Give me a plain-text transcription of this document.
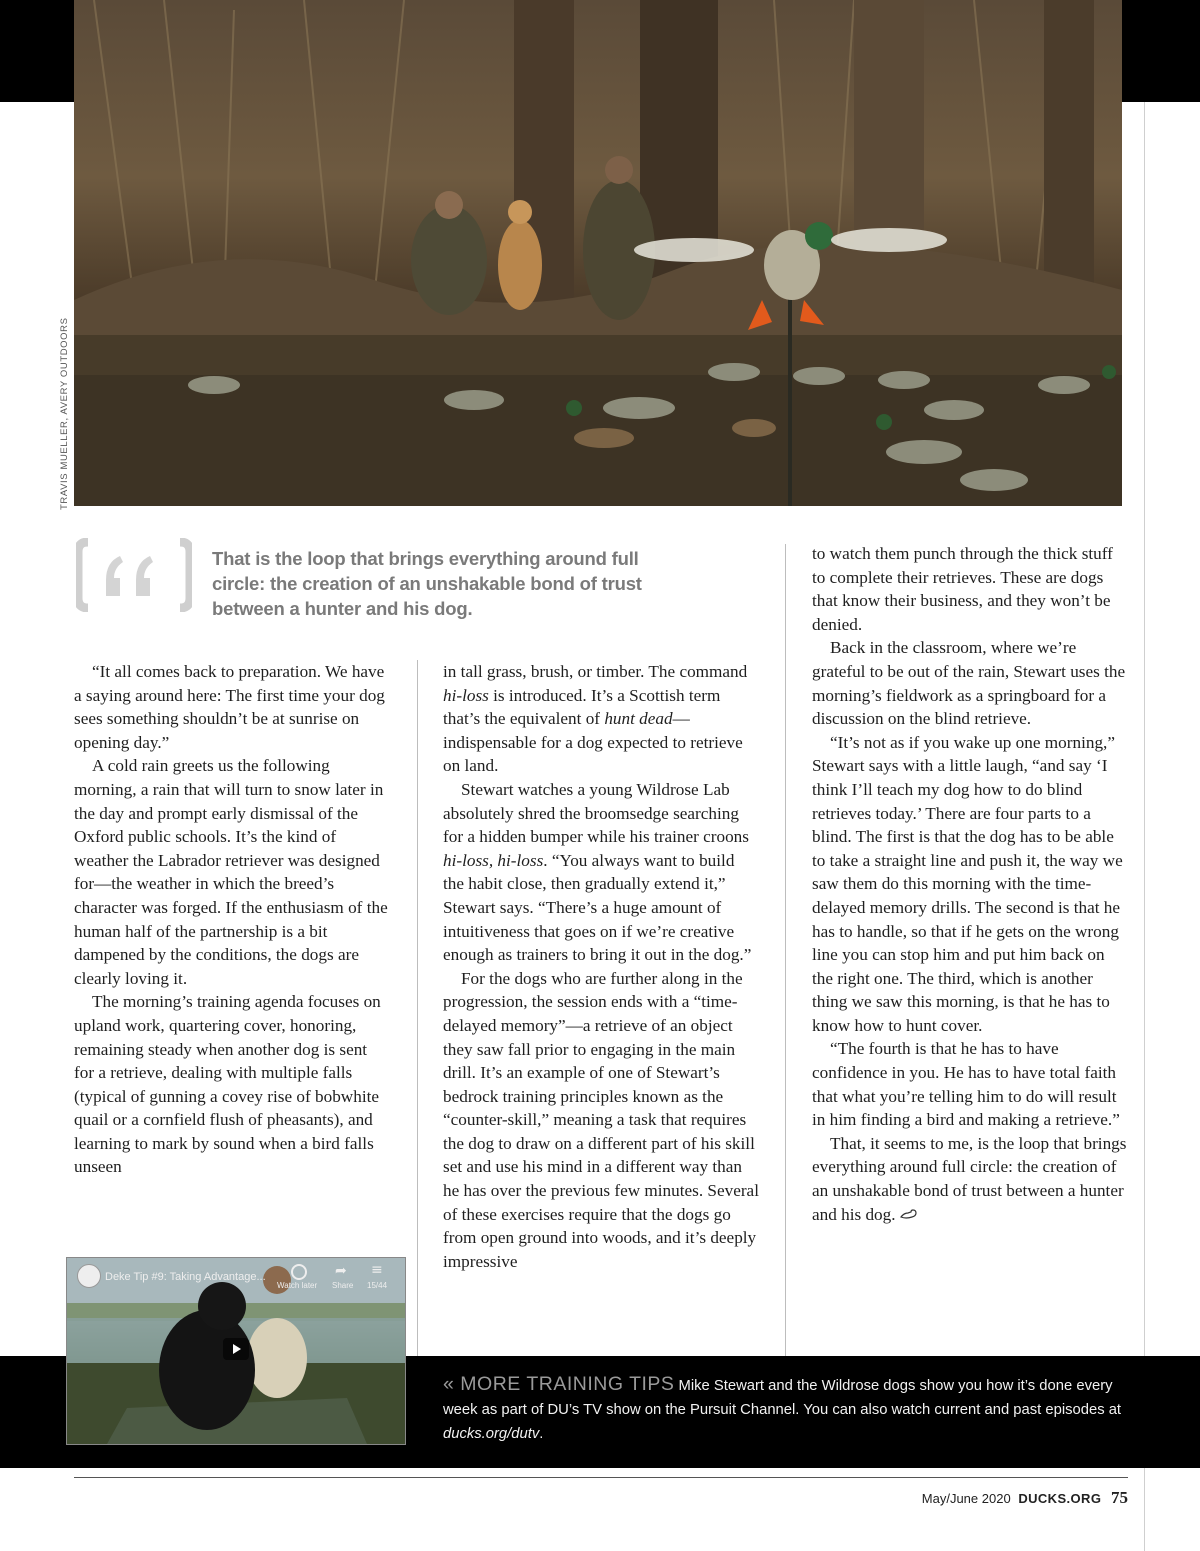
TRAVIS MUELLER, AVERY OUTDOORS
That is the loop that brings everything around full circle: the creation of an unshakable bond of trust between a hunter and his dog.

“It all comes back to preparation. We have a saying around here: The first time your dog sees something shouldn’t be at sunrise on opening day.”

A cold rain greets us the following morning, a rain that will turn to snow later in the day and prompt early dismissal of the Oxford public schools. It’s the kind of weather the Labrador retriever was designed for—the weather in which the breed’s character was forged. If the enthusiasm of the human half of the partnership is a bit dampened by the conditions, the dogs are clearly loving it.

The morning’s training agenda focuses on upland work, quartering cover, honoring, remaining steady when another dog is sent for a retrieve, dealing with multiple falls (typical of gunning a covey rise of bobwhite quail or a cornfield flush of pheasants), and learning to mark by sound when a bird falls unseen

in tall grass, brush, or timber. The command hi-loss is introduced. It’s a Scottish term that’s the equivalent of hunt dead—indispensable for a dog expected to retrieve on land.

Stewart watches a young Wildrose Lab absolutely shred the broomsedge searching for a hidden bumper while his trainer croons hi-loss, hi-loss. “You always want to build the habit close, then gradually extend it,” Stewart says. “There’s a huge amount of intuitiveness that goes on if we’re creative enough as trainers to bring it out in the dog.”

For the dogs who are further along in the progression, the session ends with a “time-delayed memory”—a retrieve of an object they saw fall prior to engaging in the main drill. It’s an example of one of Stewart’s bedrock training principles known as the “counter-skill,” meaning a task that requires the dog to draw on a different part of his skill set and use his mind in a different way than he has over the previous few minutes. Several of these exercises require that the dogs go from open ground into woods, and it’s deeply impressive

to watch them punch through the thick stuff to complete their retrieves. These are dogs that know their business, and they won’t be denied.

Back in the classroom, where we’re grateful to be out of the rain, Stewart uses the morning’s fieldwork as a springboard for a discussion on the blind retrieve.

“It’s not as if you wake up one morning,” Stewart says with a little laugh, “and say ‘I think I’ll teach my dog how to do blind retrieves today.’ There are four parts to a blind. The first is that the dog has to be able to take a straight line and push it, the way we saw them do this morning with the time-delayed memory drills. The second is that he has to handle, so that if he gets on the wrong line you can stop him and put him back on the right one. The third, which is another thing we saw this morning, is that he has to know how to hunt cover.

“The fourth is that he has to have confidence in you. He has to have total faith that what you’re telling him to do will result in him finding a bird and making a retrieve.”

That, it seems to me, is the loop that brings everything around full circle: the creation of an unshakable bond of trust between a hunter and his dog.

Deke Tip #9: Taking Advantage...
Watch later
➦
Share
≡
15/44
« MORE TRAINING TIPS Mike Stewart and the Wildrose dogs show you how it’s done every week as part of DU’s TV show on the Pursuit Channel. You can also watch current and past episodes at ducks.org/dutv.
May/June 2020 DUCKS.ORG 75
